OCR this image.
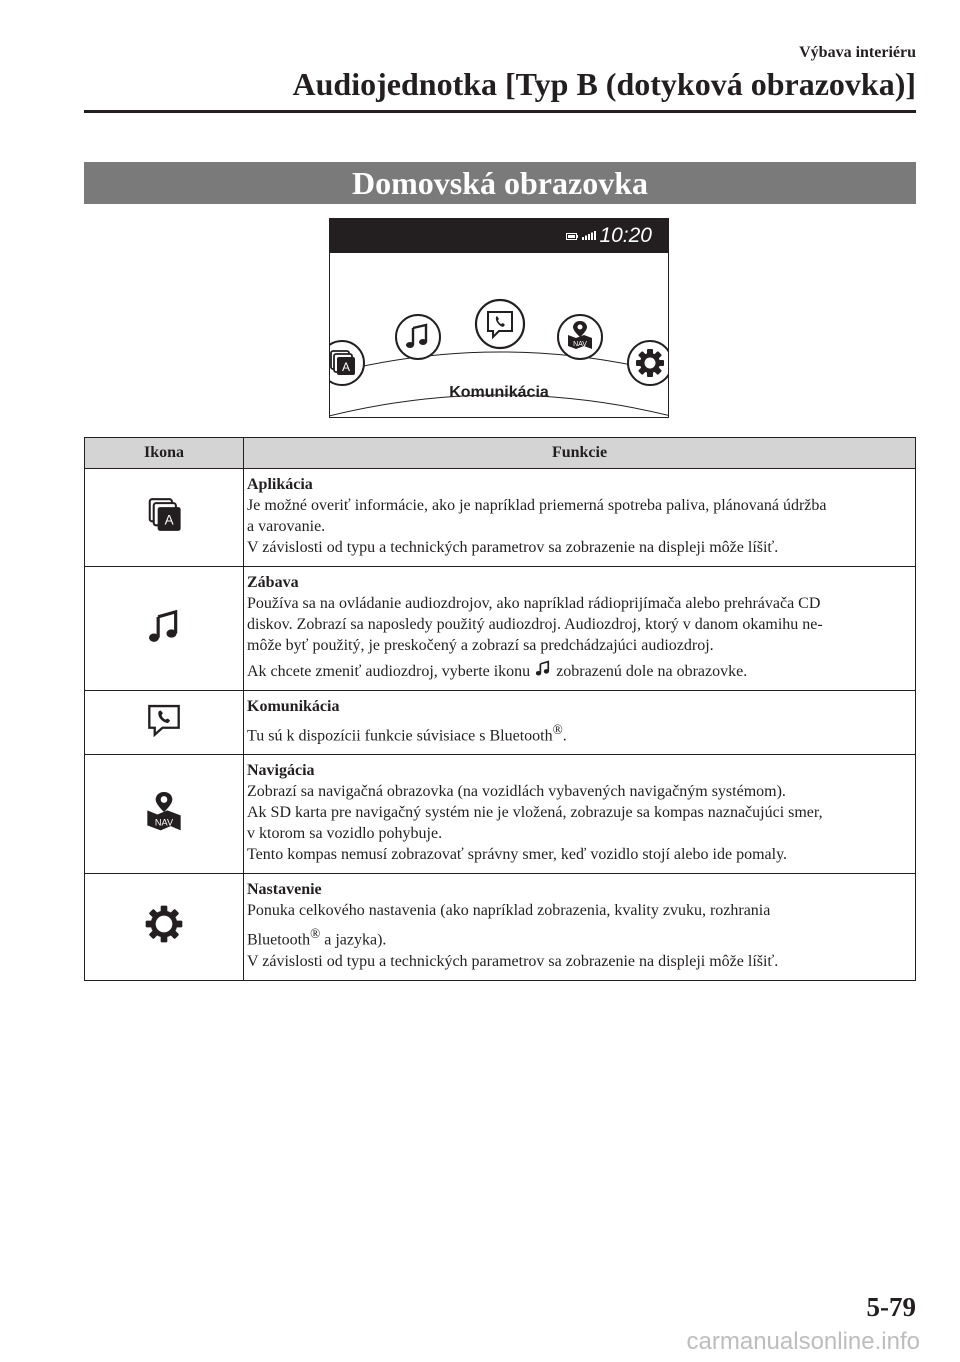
Výbava interiéru
Audiojednotka [Typ B (dotyková obrazovka)]
Domovská obrazovka
10:20
A
NAV
Komunikácia
Ikona	Funkcie

A	Aplikácia
Je možné overiť informácie, ako je napríklad priemerná spotreba paliva, plánovaná údržba
a varovanie.
V závislosti od typu a technických parametrov sa zobrazenie na displeji môže líšiť.

Zábava
Používa sa na ovládanie audiozdrojov, ako napríklad rádioprijímača alebo prehrávača CD
diskov. Zobrazí sa naposledy použitý audiozdroj. Audiozdroj, ktorý v danom okamihu ne-
môže byť použitý, je preskočený a zobrazí sa predchádzajúci audiozdroj.
Ak chcete zmeniť audiozdroj, vyberte ikonu zobrazenú dole na obrazovke.

Komunikácia
Tu sú k dispozícii funkcie súvisiace s Bluetooth®.

NAV	Navigácia
Zobrazí sa navigačná obrazovka (na vozidlách vybavených navigačným systémom).
Ak SD karta pre navigačný systém nie je vložená, zobrazuje sa kompas naznačujúci smer,
v ktorom sa vozidlo pohybuje.
Tento kompas nemusí zobrazovať správny smer, keď vozidlo stojí alebo ide pomaly.

Nastavenie
Ponuka celkového nastavenia (ako napríklad zobrazenia, kvality zvuku, rozhrania
Bluetooth® a jazyka).
V závislosti od typu a technických parametrov sa zobrazenie na displeji môže líšiť.
5-79
carmanualsonline.info
